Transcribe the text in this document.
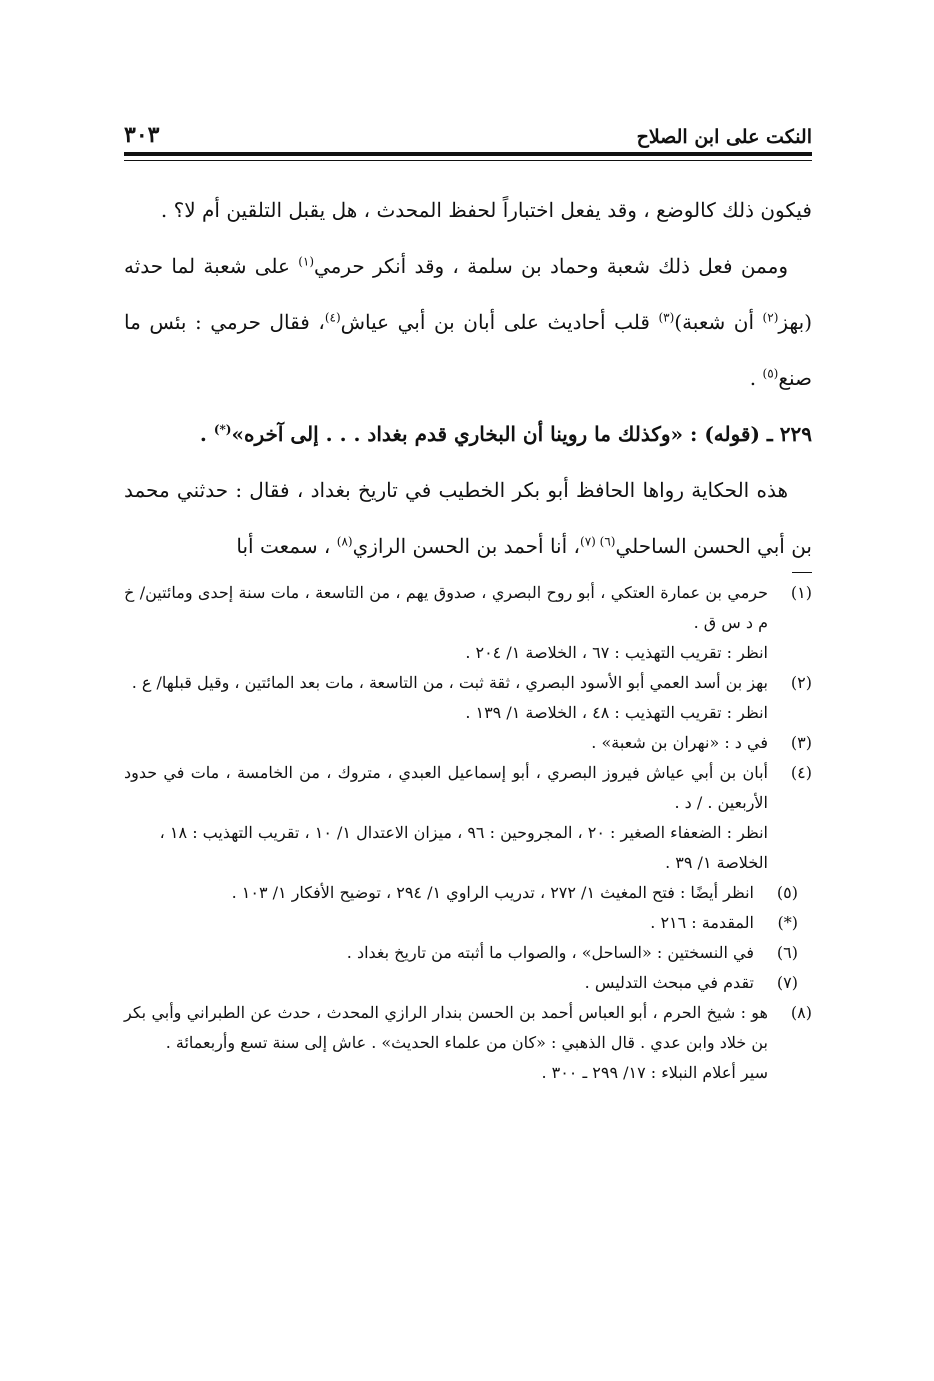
النكت على ابن الصلاح
٣٠٣

فيكون ذلك كالوضع ، وقد يفعل اختباراً لحفظ المحدث ، هل يقبل التلقين أم لا؟ .

وممن فعل ذلك شعبة وحماد بن سلمة ، وقد أنكر حرمي$^{(١)}$ على شعبة لما حدثه (بهز$^{(٢)}$ أن شعبة)$^{(٣)}$ قلب أحاديث على أبان بن أبي عياش$^{(٤)}$، فقال حرمي : بئس ما صنع$^{(٥)}$ .

٢٢٩ ـ (قوله) : «وكذلك ما روينا أن البخاري قدم بغداد . . . إلى آخره»(*) .

هذه الحكاية رواها الحافظ أبو بكر الخطيب في تاريخ بغداد ، فقال : حدثني محمد بن أبي الحسن الساحلي$^{(٦) (٧)}$، أنا أحمد بن الحسن الرازي$^{(٨)}$ ، سمعت أبا

(١)
حرمي بن عمارة العتكي ، أبو روح البصري ، صدوق يهم ، من التاسعة ، مات سنة إحدى ومائتين/ خ م د س ق .
انظر : تقريب التهذيب : ٦٧ ، الخلاصة ١/ ٢٠٤ .
(٢)
بهز بن أسد العمي أبو الأسود البصري ، ثقة ثبت ، من التاسعة ، مات بعد المائتين ، وقيل قبلها/ ع .
انظر : تقريب التهذيب : ٤٨ ، الخلاصة ١/ ١٣٩ .
(٣)
في د : «نهران بن شعبة» .
(٤)
أبان بن أبي عياش فيروز البصري ، أبو إسماعيل العبدي ، متروك ، من الخامسة ، مات في حدود الأربعين . / د .
انظر : الضعفاء الصغير : ٢٠ ، المجروحين : ٩٦ ، ميزان الاعتدال ١/ ١٠ ، تقريب التهذيب : ١٨ ، الخلاصة ١/ ٣٩ .
(٥)
انظر أيضًا : فتح المغيث ١/ ٢٧٢ ، تدريب الراوي ١/ ٢٩٤ ، توضيح الأفكار ١/ ١٠٣ .
(*)
المقدمة : ٢١٦ .
(٦)
في النسختين : «الساحل» ، والصواب ما أثبته من تاريخ بغداد .
(٧)
تقدم في مبحث التدليس .
(٨)
هو : شيخ الحرم ، أبو العباس أحمد بن الحسن بندار الرازي المحدث ، حدث عن الطبراني وأبي بكر بن خلاد وابن عدي . قال الذهبي : «كان من علماء الحديث» . عاش إلى سنة تسع وأربعمائة .
سير أعلام النبلاء : ١٧/ ٢٩٩ ـ ٣٠٠ .
